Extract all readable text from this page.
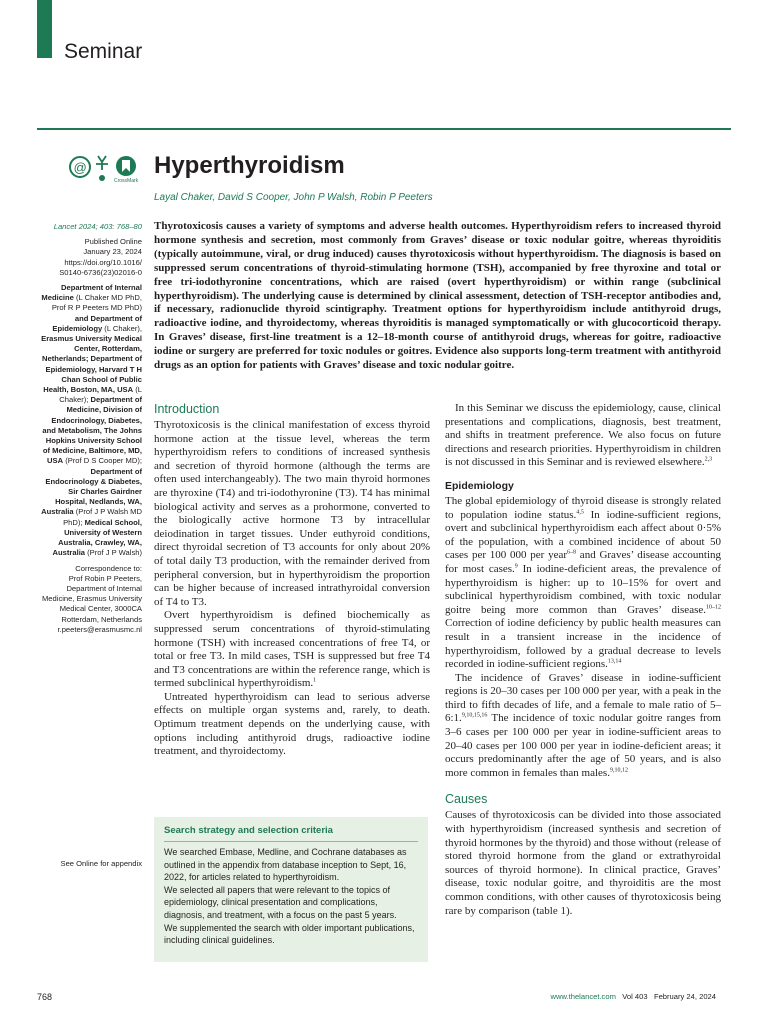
Seminar
@
CrossMark
Hyperthyroidism
Layal Chaker, David S Cooper, John P Walsh, Robin P Peeters
Lancet 2024; 403: 768–80
Published Online
January 23, 2024
https://doi.org/10.1016/
S0140-6736(23)02016-0
Department of Internal Medicine (L Chaker MD PhD, Prof R P Peeters MD PhD) and Department of Epidemiology (L Chaker), Erasmus University Medical Center, Rotterdam, Netherlands; Department of Epidemiology, Harvard T H Chan School of Public Health, Boston, MA, USA (L Chaker); Department of Medicine, Division of Endocrinology, Diabetes, and Metabolism, The Johns Hopkins University School of Medicine, Baltimore, MD, USA (Prof D S Cooper MD); Department of Endocrinology & Diabetes, Sir Charles Gairdner Hospital, Nedlands, WA, Australia (Prof J P Walsh MD PhD); Medical School, University of Western Australia, Crawley, WA, Australia (Prof J P Walsh)
Correspondence to:
Prof Robin P Peeters,
Department of Internal
Medicine, Erasmus University
Medical Center, 3000CA
Rotterdam, Netherlands
r.peeters@erasmusmc.nl
Thyrotoxicosis causes a variety of symptoms and adverse health outcomes. Hyperthyroidism refers to increased thyroid hormone synthesis and secretion, most commonly from Graves’ disease or toxic nodular goitre, whereas thyroiditis (typically autoimmune, viral, or drug induced) causes thyrotoxicosis without hyperthyroidism. The diagnosis is based on suppressed serum concentrations of thyroid-stimulating hormone (TSH), accompanied by free thyroxine and total or free tri-iodothyronine concentrations, which are raised (overt hyperthyroidism) or within range (subclinical hyperthyroidism). The underlying cause is determined by clinical assessment, detection of TSH-receptor antibodies and, if necessary, radionuclide thyroid scintigraphy. Treatment options for hyperthyroidism include antithyroid drugs, radioactive iodine, and thyroidectomy, whereas thyroiditis is managed symptomatically or with glucocorticoid therapy. In Graves’ disease, first-line treatment is a 12–18-month course of antithyroid drugs, whereas for goitre, radioactive iodine or surgery are preferred for toxic nodules or goitres. Evidence also supports long-term treatment with antithyroid drugs as an option for patients with Graves’ disease and toxic nodular goitre.
Introduction

Thyrotoxicosis is the clinical manifestation of excess thyroid hormone action at the tissue level, whereas the term hyperthyroidism refers to conditions of increased synthesis and secretion of thyroid hormone (although the terms are often used interchangeably). The two main thyroid hormones are thyroxine (T4) and tri-iodothyronine (T3). T4 has minimal biological activity and serves as a prohormone, converted to the biologically active hormone T3 by intracellular deiodination in target tissues. Under euthyroid conditions, direct thyroidal secretion of T3 accounts for only about 20% of total daily T3 production, with the remainder derived from peripheral conversion, but in hyperthyroidism the proportion can be higher because of increased intrathyroidal conversion of T4 to T3.

Overt hyperthyroidism is defined biochemically as suppressed serum concentrations of thyroid-stimulating hormone (TSH) with increased concentrations of free T4, or total or free T3. In mild cases, TSH is suppressed but free T4 and T3 concentrations are within the reference range, which is termed subclinical hyperthyroidism.$^1$

Untreated hyperthyroidism can lead to serious adverse effects on multiple organ systems and, rarely, to death. Optimum treatment depends on the underlying cause, with options including antithyroid drugs, radioactive iodine treatment, and thyroidectomy.

See Online for appendix
Search strategy and selection criteria
We searched Embase, Medline, and Cochrane databases as outlined in the appendix from database inception to Sept, 16, 2022, for articles related to hyperthyroidism.
We selected all papers that were relevant to the topics of epidemiology, clinical presentation and complications, diagnosis, and treatment, with a focus on the past 5 years.
We supplemented the search with older important publications, including clinical guidelines.

In this Seminar we discuss the epidemiology, cause, clinical presentations and complications, diagnosis, best treatment, and shifts in treatment preference. We also focus on future directions and research priorities. Hyperthyroidism in children is not discussed in this Seminar and is reviewed elsewhere.$^{2,3}$

Epidemiology

The global epidemiology of thyroid disease is strongly related to population iodine status.$^{4,5}$ In iodine-sufficient regions, overt and subclinical hyperthyroidism each affect about 0·5% of the population, with a combined incidence of about 50 cases per 100 000 per year$^{6-8}$ and Graves’ disease accounting for most cases.$^9$ In iodine-deficient areas, the prevalence of hyperthyroidism is higher: up to 10–15% for overt and subclinical hyperthyroidism combined, with toxic nodular goitre being more common than Graves’ disease.$^{10-12}$ Correction of iodine deficiency by public health measures can result in a transient increase in the incidence of hyperthyroidism, followed by a gradual decrease to levels recorded in iodine-sufficient regions.$^{13,14}$

The incidence of Graves’ disease in iodine-sufficient regions is 20–30 cases per 100 000 per year, with a peak in the third to fifth decades of life, and a female to male ratio of 5–6:1.$^{9,10,15,16}$ The incidence of toxic nodular goitre ranges from 3–6 cases per 100 000 per year in iodine-sufficient areas to 20–40 cases per 100 000 per year in iodine-deficient areas; it occurs predominantly after the age of 50 years, and is also more common in females than males.$^{9,10,12}$

Causes

Causes of thyrotoxicosis can be divided into those associated with hyperthyroidism (increased synthesis and secretion of thyroid hormones by the thyroid) and those without (release of stored thyroid hormone from the gland or extrathyroidal sources of thyroid hormone). In clinical practice, Graves’ disease, toxic nodular goitre, and thyroiditis are the most common conditions, with other causes of thyrotoxicosis being rare by comparison (table 1).

768	www.thelancet.com Vol 403 February 24, 2024
